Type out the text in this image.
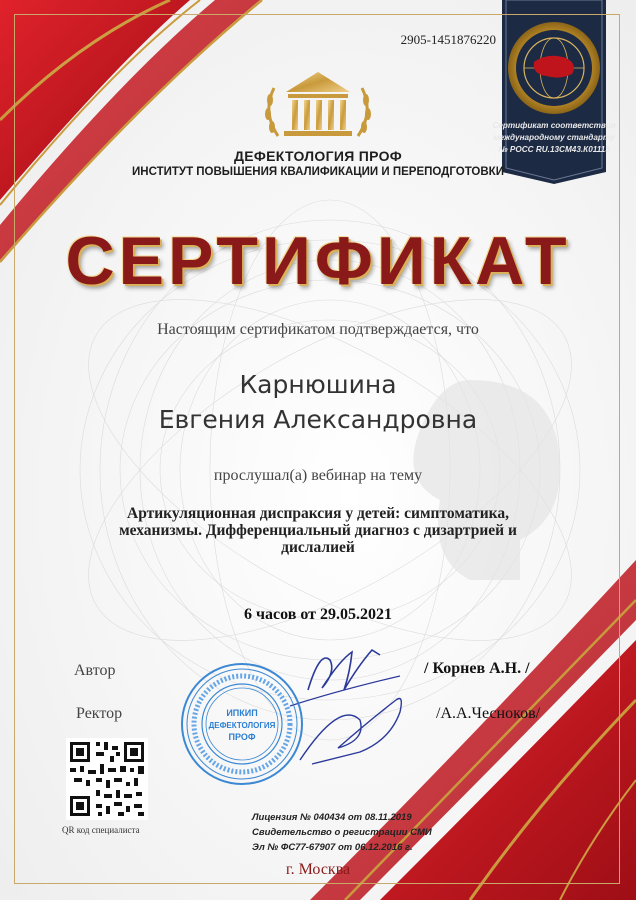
Сертификат соответствия
международному стандарту
№ РОСС RU.13СМ43.К01113
ИПКИП
ДЕФЕКТОЛОГИЯ
ПРОФ
2905-1451876220
ДЕФЕКТОЛОГИЯ ПРОФ
ИНСТИТУТ ПОВЫШЕНИЯ КВАЛИФИКАЦИИ И ПЕРЕПОДГОТОВКИ
СЕРТИФИКАТ
Настоящим сертификатом подтверждается, что
Карнюшина
Евгения Александровна
прослушал(а) вебинар на тему
Артикуляционная диспраксия у детей: симптоматика,
механизмы. Дифференциальный диагноз с дизартрией и
дислалией
6 часов от 29.05.2021
Автор	/ Корнев А.Н. /
Ректор	/А.А.Чесноков/
QR код специалиста
Лицензия № 040434 от 08.11.2019
Свидетельство о регистрации СМИ
Эл № ФС77-67907 от 06.12.2016 г.
г. Москва
